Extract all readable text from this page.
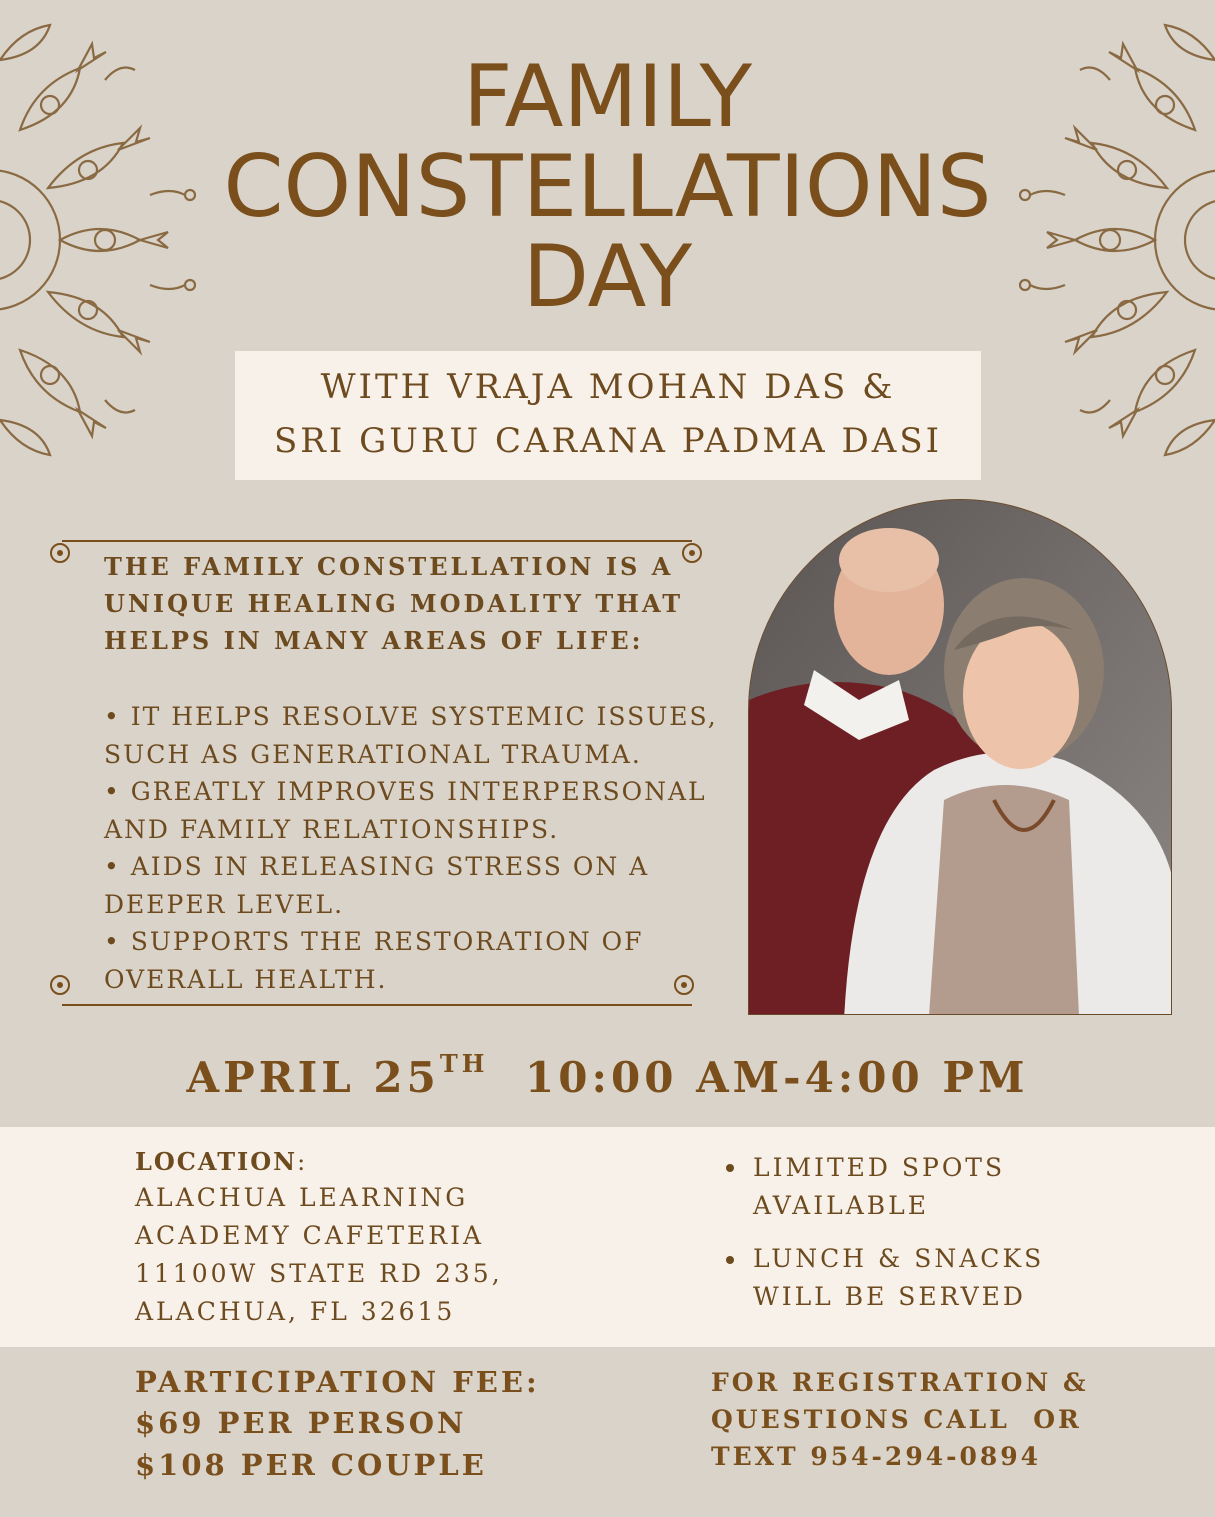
FAMILY
CONSTELLATIONS
DAY
WITH VRAJA MOHAN DAS &
SRI GURU CARANA PADMA DASI
THE FAMILY CONSTELLATION IS A
UNIQUE HEALING MODALITY THAT
HELPS IN MANY AREAS OF LIFE:
• IT HELPS RESOLVE SYSTEMIC ISSUES,
SUCH AS GENERATIONAL TRAUMA.
• GREATLY IMPROVES INTERPERSONAL
AND FAMILY RELATIONSHIPS.
• AIDS IN RELEASING STRESS ON A
DEEPER LEVEL.
• SUPPORTS THE RESTORATION OF
OVERALL HEALTH.
APRIL 25TH 10:00 AM-4:00 PM
LOCATION:
ALACHUA LEARNING
ACADEMY CAFETERIA
11100W STATE RD 235,
ALACHUA, FL 32615
LIMITED SPOTS
AVAILABLE
LUNCH & SNACKS
WILL BE SERVED
PARTICIPATION FEE:
$69 PER PERSON
$108 PER COUPLE
FOR REGISTRATION &
QUESTIONS CALL  OR
TEXT 954-294-0894
